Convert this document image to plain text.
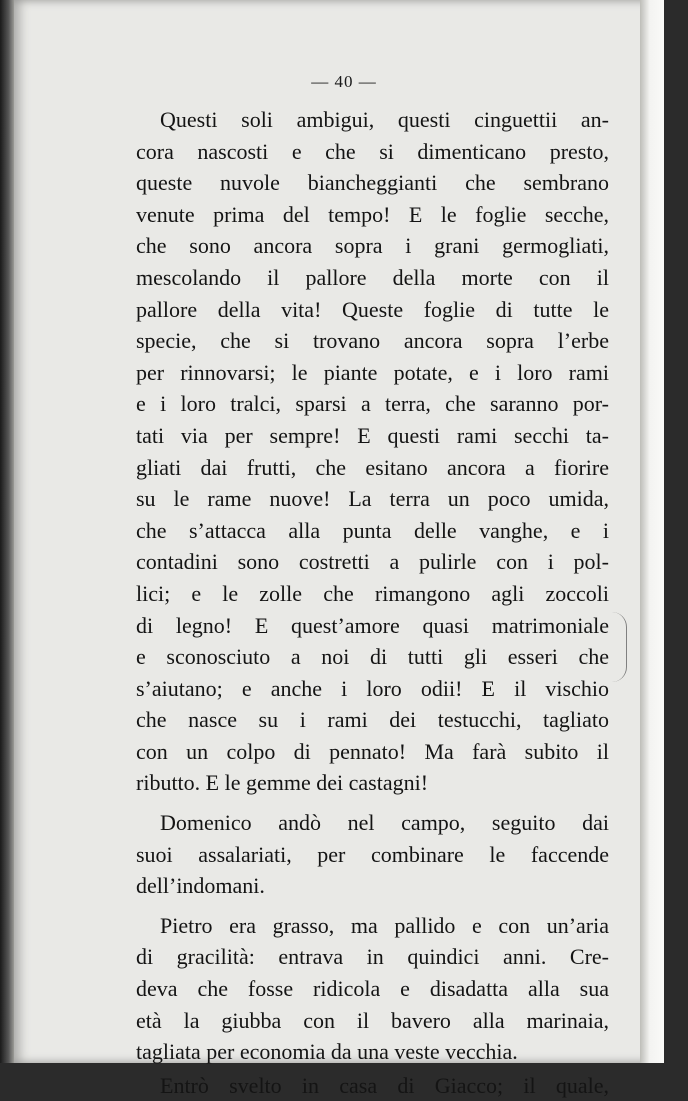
— 40 —
Questi soli ambigui, questi cinguettii an-
cora nascosti e che si dimenticano presto,
queste nuvole biancheggianti che sembrano
venute prima del tempo! E le foglie secche,
che sono ancora sopra i grani germogliati,
mescolando il pallore della morte con il
pallore della vita! Queste foglie di tutte le
specie, che si trovano ancora sopra l’erbe
per rinnovarsi; le piante potate, e i loro rami
e i loro tralci, sparsi a terra, che saranno por-
tati via per sempre! E questi rami secchi ta-
gliati dai frutti, che esitano ancora a fiorire
su le rame nuove! La terra un poco umida,
che s’attacca alla punta delle vanghe, e i
contadini sono costretti a pulirle con i pol-
lici; e le zolle che rimangono agli zoccoli
di legno! E quest’amore quasi matrimoniale
e sconosciuto a noi di tutti gli esseri che
s’aiutano; e anche i loro odii! E il vischio
che nasce su i rami dei testucchi, tagliato
con un colpo di pennato! Ma farà subito il
ributto. E le gemme dei castagni!
Domenico andò nel campo, seguito dai
suoi assalariati, per combinare le faccende
dell’indomani.
Pietro era grasso, ma pallido e con un’aria
di gracilità: entrava in quindici anni. Cre-
deva che fosse ridicola e disadatta alla sua
età la giubba con il bavero alla marinaia,
tagliata per economia da una veste vecchia.
Entrò svelto in casa di Giacco; il quale,
